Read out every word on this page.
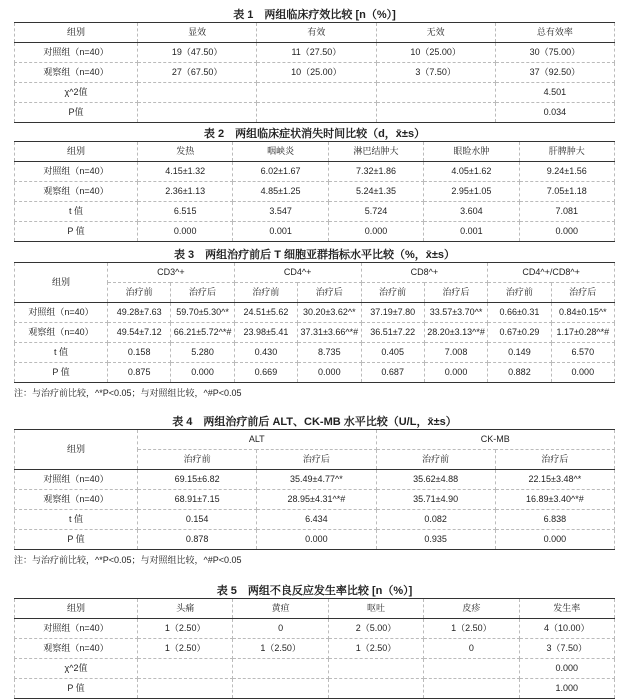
表 1　两组临床疗效比较 [n（%）]

组别	显效	有效	无效	总有效率
对照组（n=40）	19（47.50）	11（27.50）	10（25.00）	30（75.00）
观察组（n=40）	27（67.50）	10（25.00）	3（7.50）	37（92.50）
χ^2值				4.501
P值				0.034

表 2　两组临床症状消失时间比较（d，x̄±s）

组别	发热	咽峡炎	淋巴结肿大	眼睑水肿	肝脾肿大
对照组（n=40）	4.15±1.32	6.02±1.67	7.32±1.86	4.05±1.62	9.24±1.56
观察组（n=40）	2.36±1.13	4.85±1.25	5.24±1.35	2.95±1.05	7.05±1.18
t 值	6.515	3.547	5.724	3.604	7.081
P 值	0.000	0.001	0.000	0.001	0.000

表 3　两组治疗前后 T 细胞亚群指标水平比较（%，x̄±s）

组别	CD3^+		CD4^+		CD8^+		CD4^+/CD8^+	
	治疗前	治疗后	治疗前	治疗后	治疗前	治疗后	治疗前	治疗后
对照组（n=40）	49.28±7.63	59.70±5.30^*	24.51±5.62	30.20±3.62^*	37.19±7.80	33.57±3.70^*	0.66±0.31	0.84±0.15^*
观察组（n=40）	49.54±7.12	66.21±5.72^*#	23.98±5.41	37.31±3.66^*#	36.51±7.22	28.20±3.13^*#	0.67±0.29	1.17±0.28^*#
t 值	0.158	5.280	0.430	8.735	0.405	7.008	0.149	6.570
P 值	0.875	0.000	0.669	0.000	0.687	0.000	0.882	0.000

注：与治疗前比较，^*P<0.05；与对照组比较，^#P<0.05

表 4　两组治疗前后 ALT、CK-MB 水平比较（U/L，x̄±s）

组别	ALT		CK-MB	
	治疗前	治疗后	治疗前	治疗后
对照组（n=40）	69.15±6.82	35.49±4.77^*	35.62±4.88	22.15±3.48^*
观察组（n=40）	68.91±7.15	28.95±4.31^*#	35.71±4.90	16.89±3.40^*#
t 值	0.154	6.434	0.082	6.838
P 值	0.878	0.000	0.935	0.000

注：与治疗前比较，^*P<0.05；与对照组比较，^#P<0.05

表 5　两组不良反应发生率比较 [n（%）]

组别	头痛	黄疸	呕吐	皮疹	发生率
对照组（n=40）	1（2.50）	0	2（5.00）	1（2.50）	4（10.00）
观察组（n=40）	1（2.50）	1（2.50）	1（2.50）	0	3（7.50）
χ^2值					0.000
P 值					1.000
